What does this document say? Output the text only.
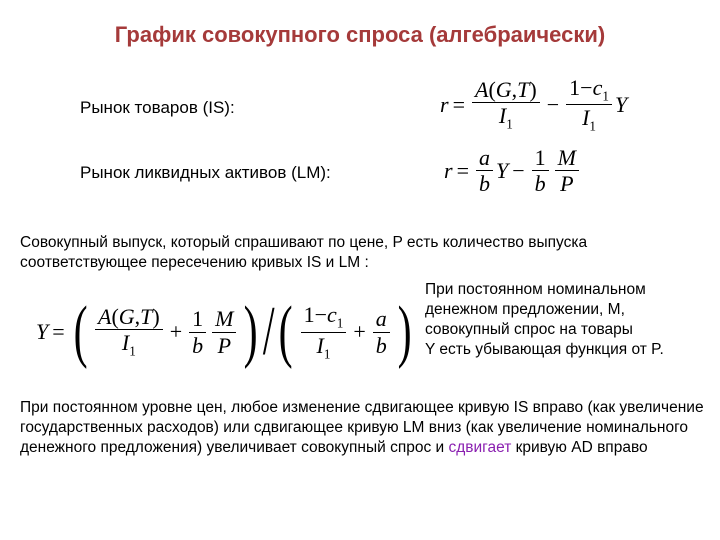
График совокупного спроса (алгебраически)
Рынок товаров (IS):
Рынок ликвидных активов (LM):
$r = \frac{A(G,T)}{I_1} - \frac{1-c_1}{I_1}$ Y
$r = \frac{a}{b}$ $Y - \frac{1}{b} \frac{M}{P}$
Совокупный выпуск, который спрашивают по цене, P есть количество выпуска соответствующее пересечению кривых IS и LM :
Y = ( $\frac{A(G,T)}{I_1} + \frac{1}{b} \frac{M}{P}$ ) / ( $\frac{1-c_1}{I_1} + \frac{a}{b}$ )
При постоянном номинальном
денежном предложении, M,
совокупный спрос на товары
Y есть убывающая функция от P.
При постоянном уровне цен, любое изменение сдвигающее кривую IS вправо (как увеличение государственных расходов) или сдвигающее кривую LM вниз (как увеличение номинального денежного предложения) увеличивает совокупный спрос и сдвигает кривую AD вправо
